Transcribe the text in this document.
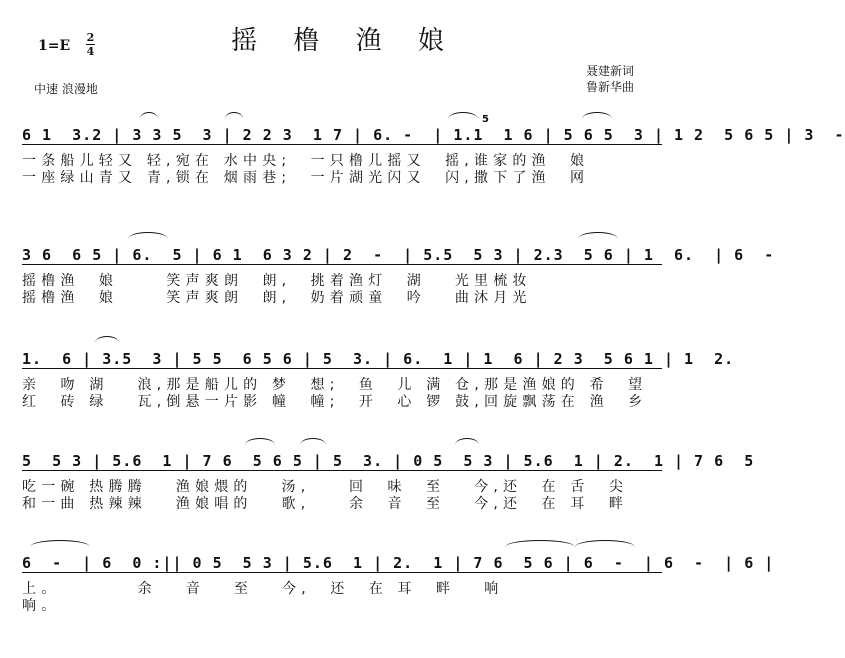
摇 橹 渔 娘
1=E
2
4
中速 浪漫地
聂建新词
鲁新华曲
6 1  3.2 | 3 3 5  3 | 2 2 3  1 7 | 6. -  | 1.1  1 6 | 5 6 5  3 | 1 2  5 6 5 | 3  -
5
一条船儿轻又 轻,宛在 水中央;  一只橹儿摇又  摇,谁家的渔  娘
一座绿山青又 青,锁在 烟雨巷;  一片湖光闪又  闪,撒下了渔  网
3 6  6 5 | 6.  5 | 6 1  6 3 2 | 2  -  | 5.5  5 3 | 2.3  5 6 | 1  6.  | 6  -
摇橹渔  娘     笑声爽朗  朗,  挑着渔灯  湖   光里梳妆
摇橹渔  娘     笑声爽朗  朗,  奶着顽童  吟   曲沐月光
1.  6 | 3.5  3 | 5 5  6 5 6 | 5  3. | 6.  1 | 1  6 | 2 3  5 6 1 | 1  2.
亲  吻 湖   浪,那是船儿的 梦  想;  鱼  儿 满 仓,那是渔娘的 希  望
红  砖 绿   瓦,倒悬一片影 幢  幢;  开  心 锣 鼓,回旋飘荡在 渔  乡
5  5 3 | 5.6  1 | 7 6  5 6 5 | 5  3. | 0 5  5 3 | 5.6  1 | 2.  1 | 7 6  5
吃一碗 热腾腾   渔娘煨的   汤,    回  味  至   今,还  在 舌  尖
和一曲 热辣辣   渔娘唱的   歌,    余  音  至   今,还  在 耳  畔
6  -  | 6  0 :|| 0 5  5 3 | 5.6  1 | 2.  1 | 7 6  5 6 | 6  -  | 6  -  | 6 |
上。        余   音   至   今,  还  在 耳  畔   响
响。
